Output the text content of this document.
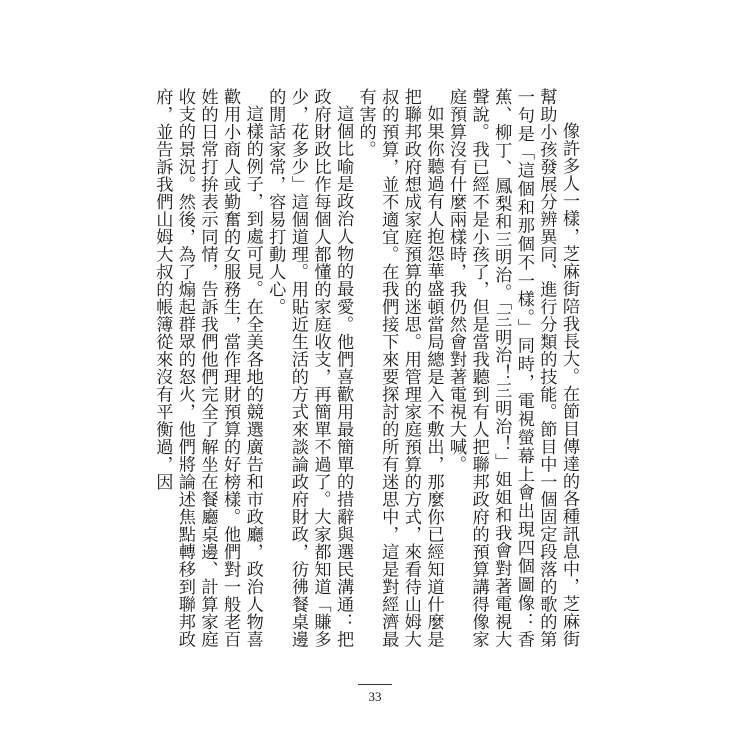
像許多人一樣，芝麻街陪我長大。在節目傳達的各種訊息中，芝麻街幫助小孩發展分辨異同、進行分類的技能。節目中一個固定段落的歌的第一句是「這個和那個不一樣。」同時，電視螢幕上會出現四個圖像：香蕉、柳丁、鳳梨和三明治。「三明治！三明治！」姐姐和我會對著電視大聲說。我已經不是小孩了，但是當我聽到有人把聯邦政府的預算講得像家庭預算沒有什麼兩樣時，我仍然會對著電視大喊。

如果你聽過有人抱怨華盛頓當局總是入不敷出，那麼你已經知道什麼是把聯邦政府想成家庭預算的迷思。用管理家庭預算的方式，來看待山姆大叔的預算，並不適宜。在我們接下來要探討的所有迷思中，這是對經濟最有害的。

這個比喻是政治人物的最愛。他們喜歡用最簡單的措辭與選民溝通：把政府財政比作每個人都懂的家庭收支，再簡單不過了。大家都知道「賺多少，花多少」這個道理。用貼近生活的方式來談論政府財政，彷彿餐桌邊的閒話家常，容易打動人心。

這樣的例子，到處可見。在全美各地的競選廣告和市政廳，政治人物喜歡用小商人或勤奮的女服務生，當作理財預算的好榜樣。他們對一般老百姓的日常打拚表示同情，告訴我們他們完全了解坐在餐廳桌邊、計算家庭收支的景況。然後，為了煽起群眾的怒火，他們將論述焦點轉移到聯邦政府，並告訴我們山姆大叔的帳簿從來沒有平衡過，因

33
